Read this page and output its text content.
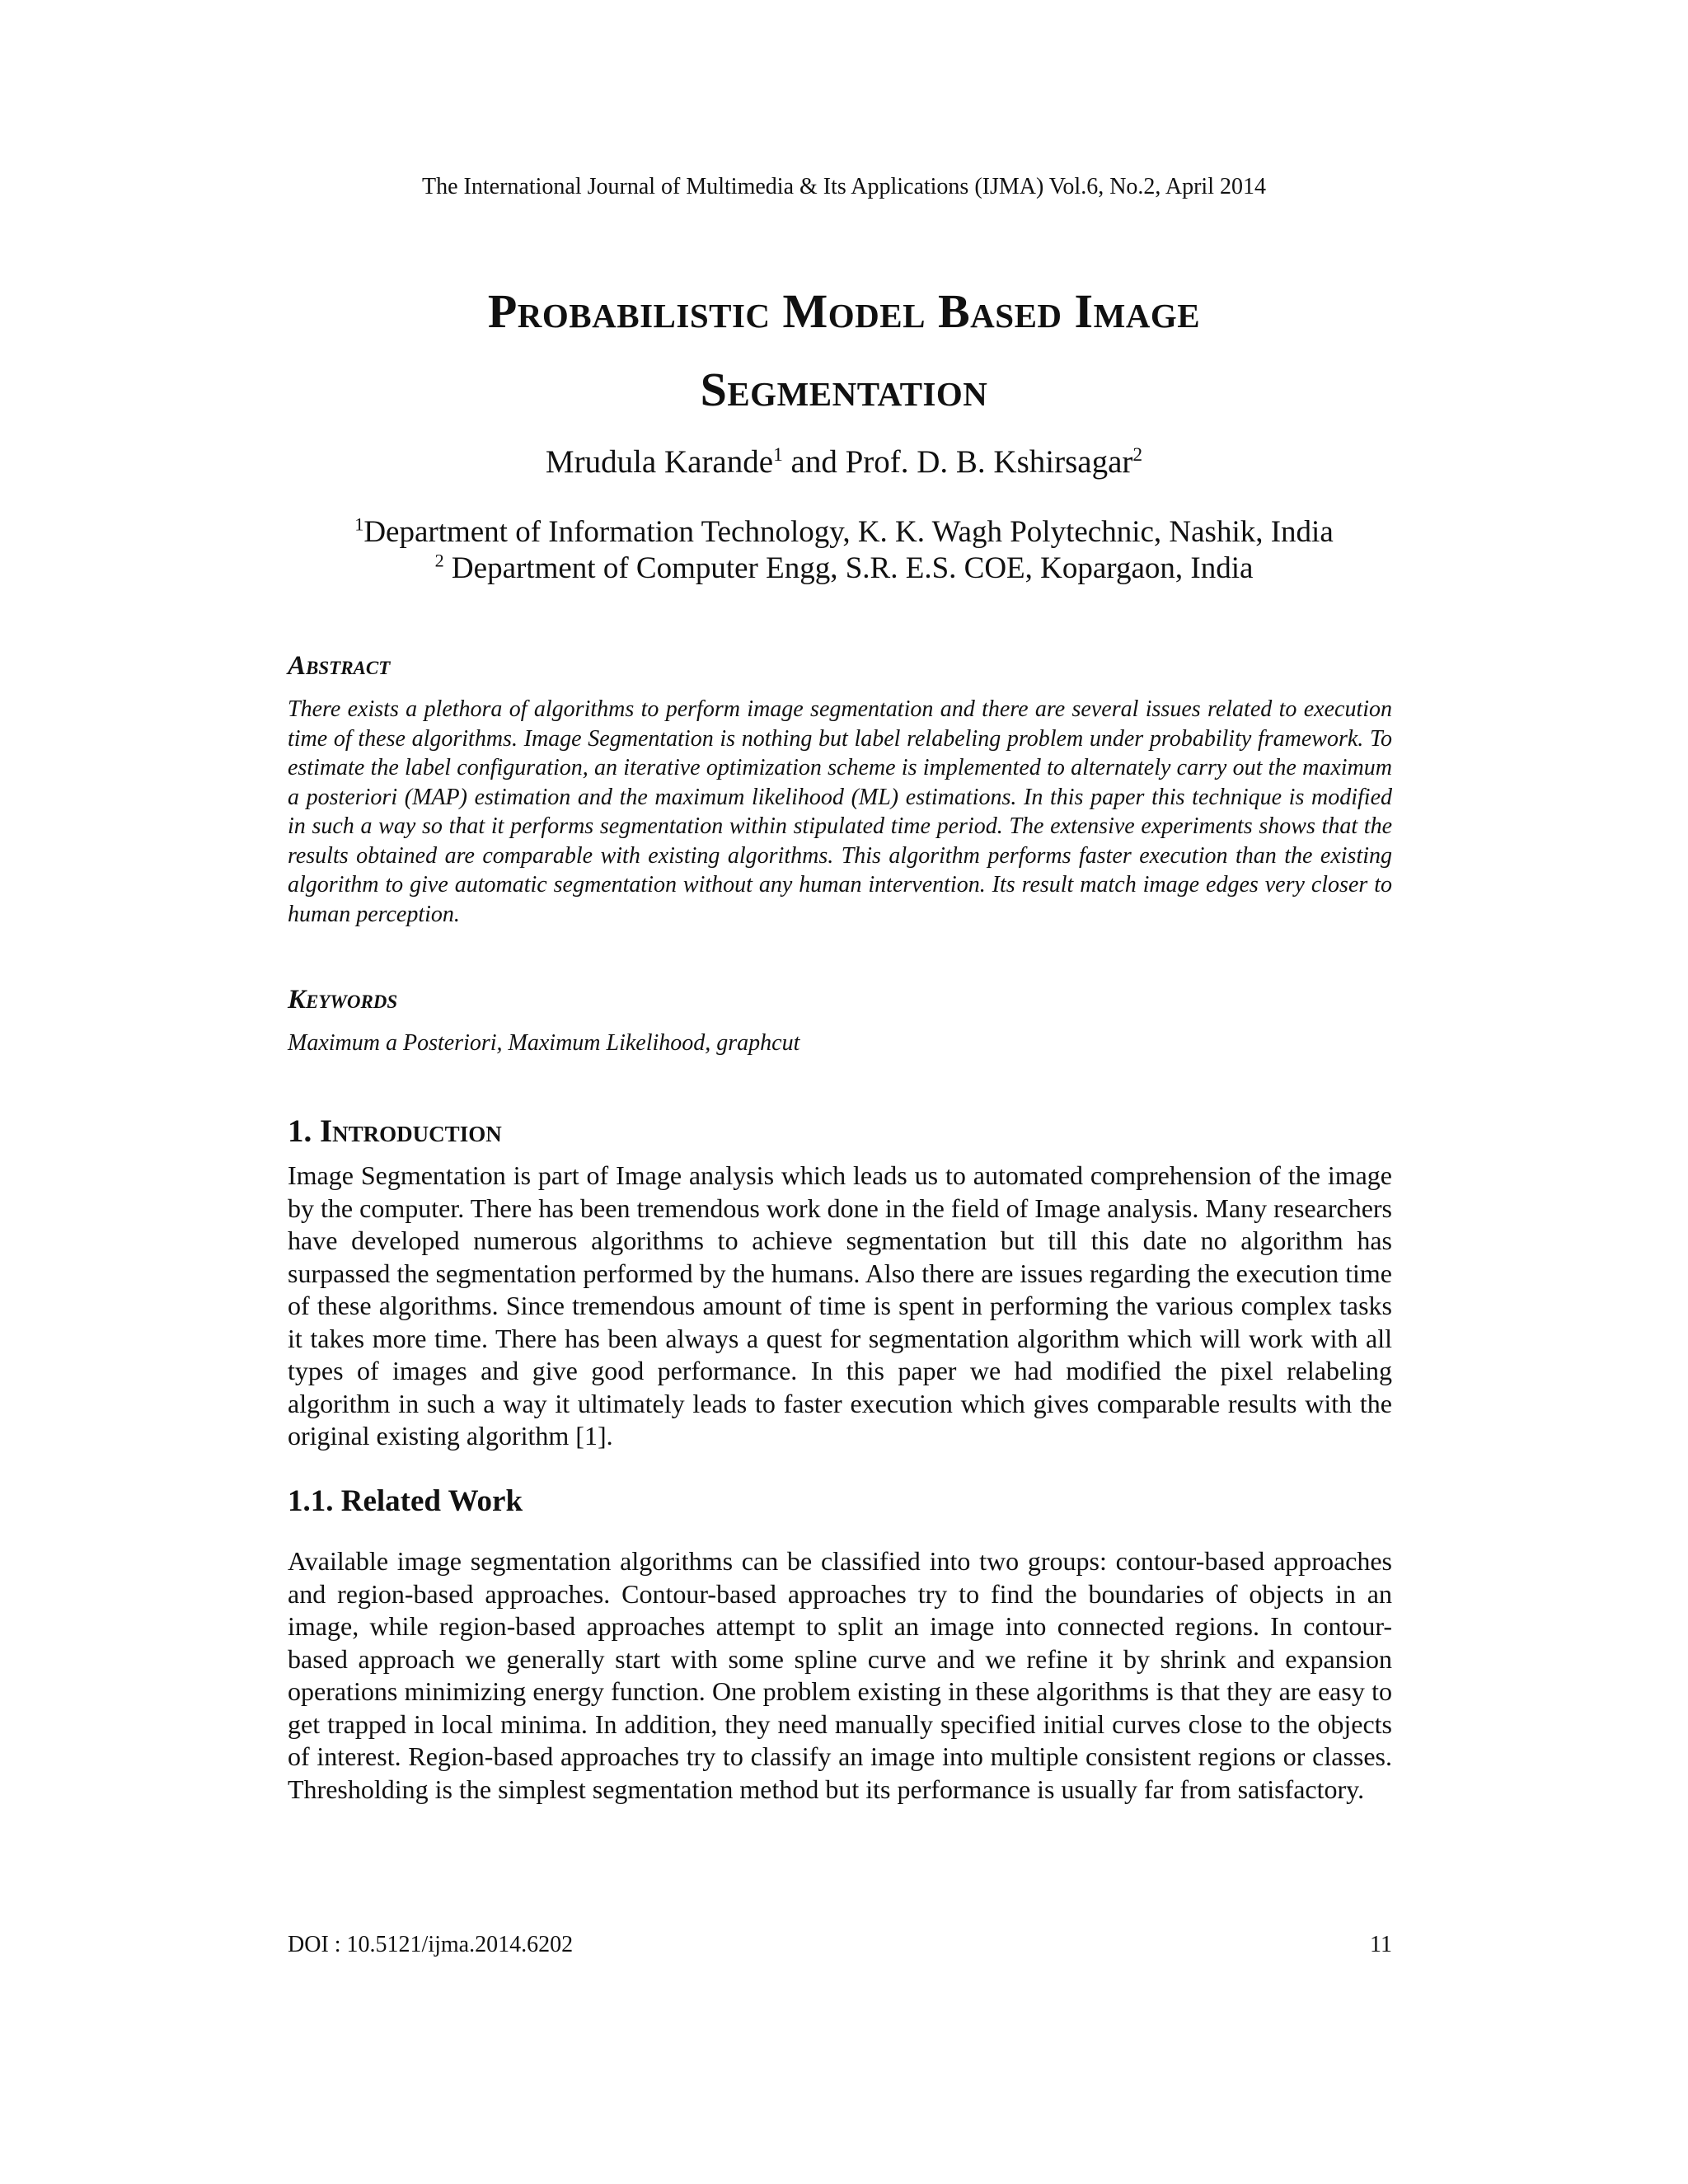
The International Journal of Multimedia & Its Applications (IJMA) Vol.6, No.2, April 2014
Probabilistic Model Based Image
Segmentation
Mrudula Karande$^1$ and Prof. D. B. Kshirsagar$^2$
$^1$Department of Information Technology, K. K. Wagh Polytechnic, Nashik, India
$^2$ Department of Computer Engg, S.R. E.S. COE, Kopargaon, India
Abstract

There exists a plethora of algorithms to perform image segmentation and there are several issues related to execution time of these algorithms. Image Segmentation is nothing but label relabeling problem under probability framework. To estimate the label configuration, an iterative optimization scheme is implemented to alternately carry out the maximum a posteriori (MAP) estimation and the maximum likelihood (ML) estimations. In this paper this technique is modified in such a way so that it performs segmentation within stipulated time period. The extensive experiments shows that the results obtained are comparable with existing algorithms. This algorithm performs faster execution than the existing algorithm to give automatic segmentation without any human intervention. Its result match image edges very closer to human perception.

Keywords

Maximum a Posteriori, Maximum Likelihood, graphcut

1. Introduction

Image Segmentation is part of Image analysis which leads us to automated comprehension of the image by the computer. There has been tremendous work done in the field of Image analysis. Many researchers have developed numerous algorithms to achieve segmentation but till this date no algorithm has surpassed the segmentation performed by the humans. Also there are issues regarding the execution time of these algorithms. Since tremendous amount of time is spent in performing the various complex tasks it takes more time. There has been always a quest for segmentation algorithm which will work with all types of images and give good performance. In this paper we had modified the pixel relabeling algorithm in such a way it ultimately leads to faster execution which gives comparable results with the original existing algorithm [1].

1.1. Related Work

Available image segmentation algorithms can be classified into two groups: contour-based approaches and region-based approaches. Contour-based approaches try to find the boundaries of objects in an image, while region-based approaches attempt to split an image into connected regions. In contour-based approach we generally start with some spline curve and we refine it by shrink and expansion operations minimizing energy function. One problem existing in these algorithms is that they are easy to get trapped in local minima. In addition, they need manually specified initial curves close to the objects of interest. Region-based approaches try to classify an image into multiple consistent regions or classes. Thresholding is the simplest segmentation method but its performance is usually far from satisfactory.

DOI : 10.5121/ijma.2014.6202	11
